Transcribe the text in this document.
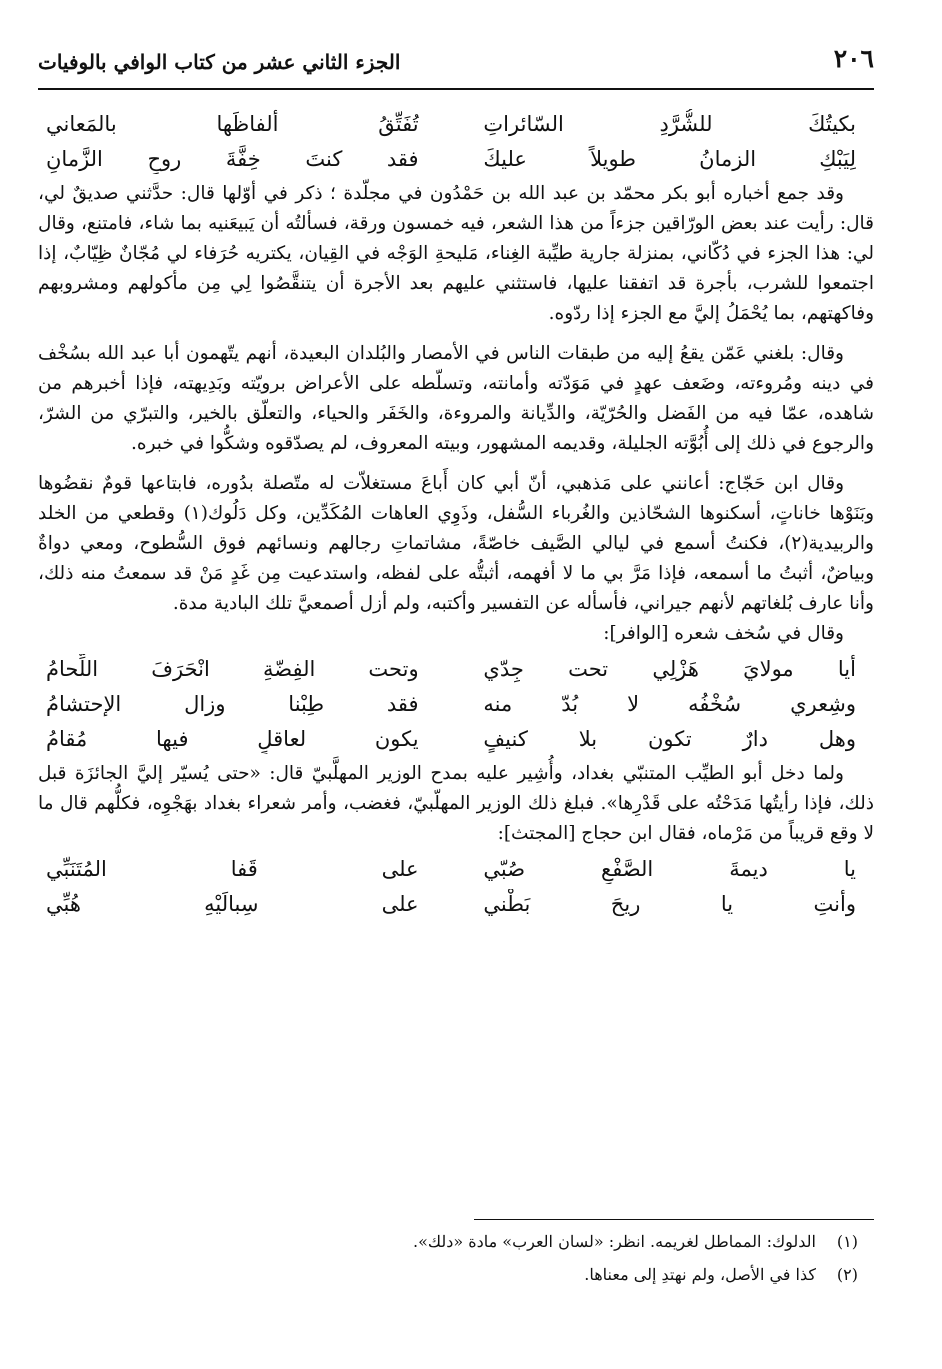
٢٠٦
الجزء الثاني عشر من كتاب الوافي بالوفيات
بكيتُكَ للشُّرَّدِ السّائراتِ
تُفَتِّقُ ألفاظَها بالمَعاني
لِيَبْكِ الزمانُ طويلاً عليكَ
فقد كنتَ خِفَّةَ روحِ الزَّمانِ

وقد جمع أخباره أبو بكر محمّد بن عبد الله بن حَمْدُون في مجلّدة ؛ ذكر في أوّلها قال: حدَّثني صديقٌ لي، قال: رأيت عند بعض الورّاقين جزءاً من هذا الشعر، فيه خمسون ورقة، فسألتُه أن يَبيعَنيه بما شاء، فامتنع، وقال لي: هذا الجزء في دُكّاني، بمنزلة جارية طيِّبة الغِناء، مَليحةِ الوَجْه في القِيان، يكتريه حُرَفاء لي مُجّانٌ ظِيّابٌ، إذا اجتمعوا للشرب، بأجرة قد اتفقنا عليها، فاستثني عليهم بعد الأجرة أن يتنقَّصُوا لِي مِن مأكولهم ومشروبهم وفاكهتهم، بما يُحْمَلُ إليَّ مع الجزء إذا ردّوه.

وقال: بلغني عَمّن يقعُ إليه من طبقات الناس في الأمصار والبُلدان البعيدة، أنهم يتّهمون أبا عبد الله بسُخْف في دينه ومُروءته، وضَعف عهدٍ في مَوَدّته وأمانته، وتسلّطه على الأعراض برويّته وبَدِيهته، فإذا أخبرهم من شاهده، عمّا فيه من الفَضل والحُرّيّة، والدِّيانة والمروءة، والخَفَر والحياء، والتعلّق بالخير، والتبرّي من الشرّ، والرجوع في ذلك إلى أُبُوَّته الجليلة، وقديمه المشهور، وبيته المعروف، لم يصدّقوه وشكُّوا في خبره.

وقال ابن حَجّاج: أعانني على مَذهبي، أنّ أبي كان أَباعَ مستغلاّت له متّصلة بدُوره، فابتاعها قومٌ نقضُوها وبَنَوْها خاناتٍ، أسكنوها الشحّاذين والغُرباء السُّفل، وذَوِي العاهات المُكَدِّين، وكل دَلُوك(١) وقطعي من الخلد والربيدية(٢)، فكنتُ أسمع في ليالي الصَّيف خاصّةً، مشاتماتِ رجالهم ونسائهم فوق السُّطوح، ومعي دواةٌ وبياضٌ، أثبتُ ما أسمعه، فإذا مَرَّ بي ما لا أفهمه، أثبتُّه على لفظه، واستدعيت مِن غَدٍ مَنْ قد سمعتُ منه ذلك، وأنا عارف بُلغاتهم لأنهم جيراني، فأسأله عن التفسير وأكتبه، ولم أزل أصمعيَّ تلك البادية مدة.

وقال في سُخف شعره [الوافر]:

أيا مولايَ هَزْلِي تحت جِدّي
وتحت الفِضّةِ انْحَرَفَ اللِّحامُ
وشِعري سُخْفُه لا بُدّ منه
فقد طِبْنا وزال الإحتشامُ
وهل دارٌ تكون بلا كنيفٍ
يكون لعاقلٍ فيها مُقامُ

ولما دخل أبو الطيِّب المتنبّي بغداد، وأُشِير عليه بمدح الوزير المهلَّبيّ قال: «حتى يُسيّر إليَّ الجائزَة قبل ذلك، فإذا رأيتُها مَدَحْتُه على قَدْرِها». فبلغ ذلك الوزير المهلّبيّ، فغضب، وأمر شعراء بغداد بهَجْوِه، فكلُّهم قال ما لا وقع قريباً من مَرْماه، فقال ابن حجاج [المجتث]:

يا ديمةَ الصَّفْعِ صُبّي
على قَفا المُتَنَبِّي
وأنتِ يا ريحَ بَطْني
على سِبالَيْهِ هُبِّي
(١)
الدلوك: المماطل لغريمه. انظر: «لسان العرب» مادة «دلك».
(٢)
كذا في الأصل، ولم نهتدِ إلى معناها.
